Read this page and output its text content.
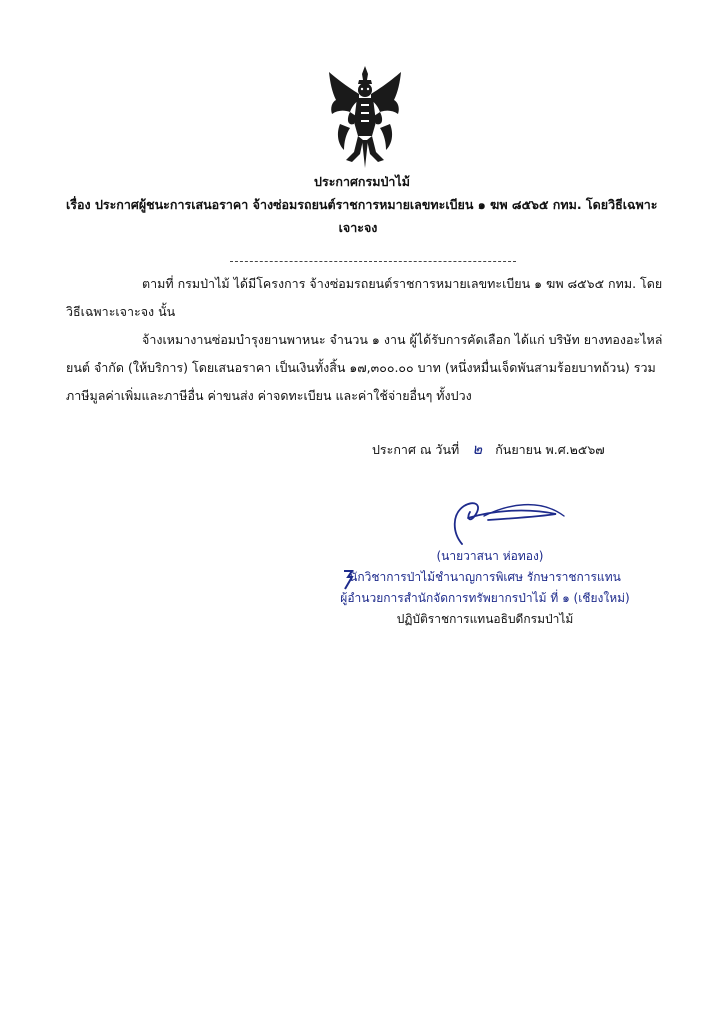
ประกาศกรมป่าไม้
เรื่อง ประกาศผู้ชนะการเสนอราคา จ้างซ่อมรถยนต์ราชการหมายเลขทะเบียน ๑ ฆพ ๘๕๖๕ กทม. โดยวิธีเฉพาะ
เจาะจง
ตามที่ กรมป่าไม้ ได้มีโครงการ จ้างซ่อมรถยนต์ราชการหมายเลขทะเบียน ๑ ฆพ ๘๕๖๕ กทม. โดยวิธีเฉพาะเจาะจง นั้น
จ้างเหมางานซ่อมบำรุงยานพาหนะ จำนวน ๑ งาน ผู้ได้รับการคัดเลือก ได้แก่ บริษัท ยางทองอะไหล่ยนต์ จำกัด (ให้บริการ) โดยเสนอราคา เป็นเงินทั้งสิ้น ๑๗,๓๐๐.๐๐ บาท (หนึ่งหมื่นเจ็ดพันสามร้อยบาทถ้วน) รวมภาษีมูลค่าเพิ่มและภาษีอื่น ค่าขนส่ง ค่าจดทะเบียน และค่าใช้จ่ายอื่นๆ ทั้งปวง
ประกาศ ณ วันที่ ๒ กันยายน พ.ศ.๒๕๖๗
(นายวาสนา ห่อทอง)
นักวิชาการป่าไม้ชำนาญการพิเศษ รักษาราชการแทน
ผู้อำนวยการสำนักจัดการทรัพยากรป่าไม้ ที่ ๑ (เชียงใหม่)
ปฏิบัติราชการแทนอธิบดีกรมป่าไม้
